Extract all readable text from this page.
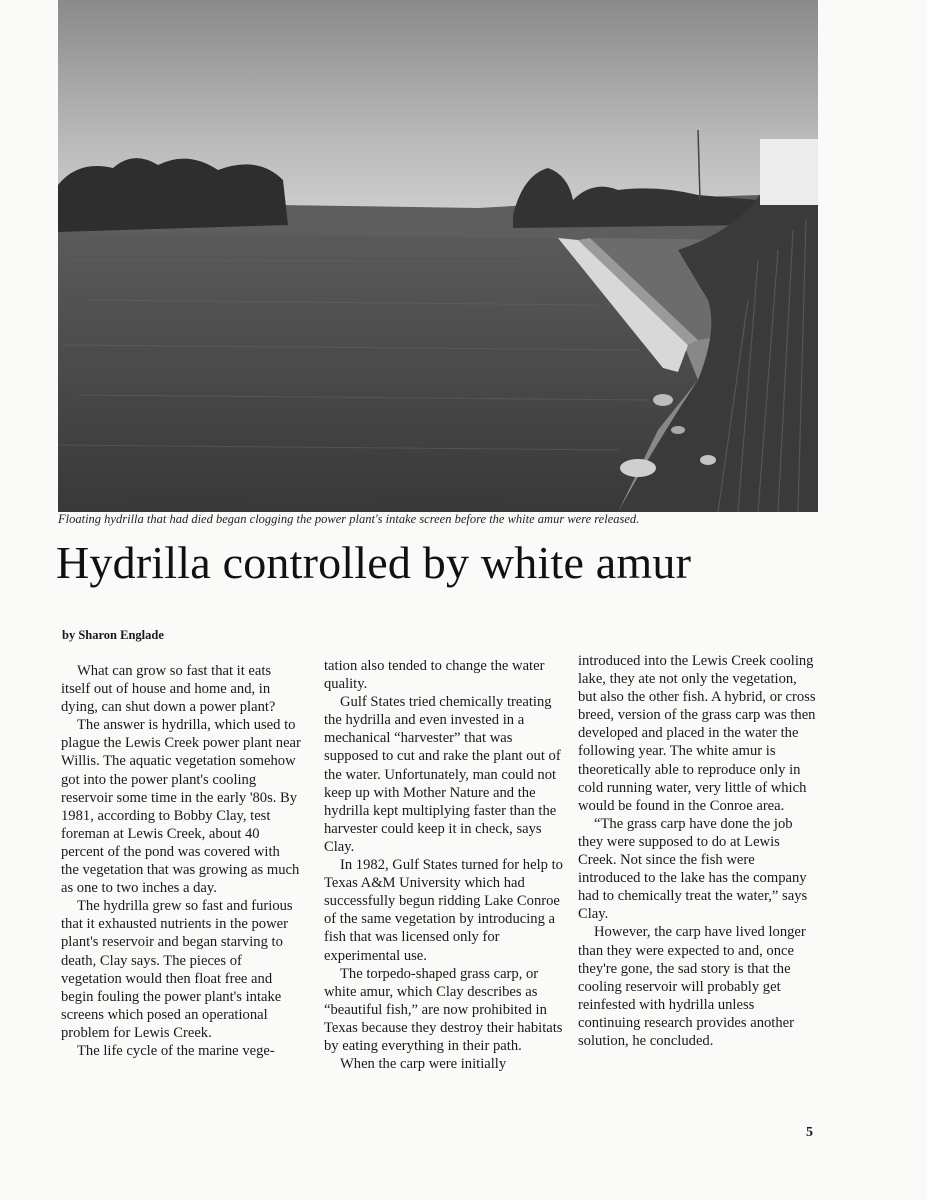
Floating hydrilla that had died began clogging the power plant's intake screen before the white amur were released.
Hydrilla controlled by white amur
by Sharon Englade

What can grow so fast that it eats itself out of house and home and, in dying, can shut down a power plant?

The answer is hydrilla, which used to plague the Lewis Creek power plant near Willis. The aquatic vegetation somehow got into the power plant's cooling reservoir some time in the early '80s. By 1981, according to Bobby Clay, test foreman at Lewis Creek, about 40 percent of the pond was covered with the vegetation that was growing as much as one to two inches a day.

The hydrilla grew so fast and furious that it exhausted nutrients in the power plant's reservoir and began starving to death, Clay says. The pieces of vegetation would then float free and begin fouling the power plant's intake screens which posed an operational problem for Lewis Creek.

The life cycle of the marine vege-

tation also tended to change the water quality.

Gulf States tried chemically treating the hydrilla and even invested in a mechanical “harvester” that was supposed to cut and rake the plant out of the water. Unfortunately, man could not keep up with Mother Nature and the hydrilla kept multiplying faster than the harvester could keep it in check, says Clay.

In 1982, Gulf States turned for help to Texas A&M University which had successfully begun ridding Lake Conroe of the same vegetation by introducing a fish that was licensed only for experimental use.

The torpedo-shaped grass carp, or white amur, which Clay describes as “beautiful fish,” are now prohibited in Texas because they destroy their habitats by eating everything in their path.

When the carp were initially

introduced into the Lewis Creek cooling lake, they ate not only the vegetation, but also the other fish. A hybrid, or cross breed, version of the grass carp was then developed and placed in the water the following year. The white amur is theoretically able to reproduce only in cold running water, very little of which would be found in the Conroe area.

“The grass carp have done the job they were supposed to do at Lewis Creek. Not since the fish were introduced to the lake has the company had to chemically treat the water,” says Clay.

However, the carp have lived longer than they were expected to and, once they're gone, the sad story is that the cooling reservoir will probably get reinfested with hydrilla unless continuing research provides another solution, he concluded.

5
